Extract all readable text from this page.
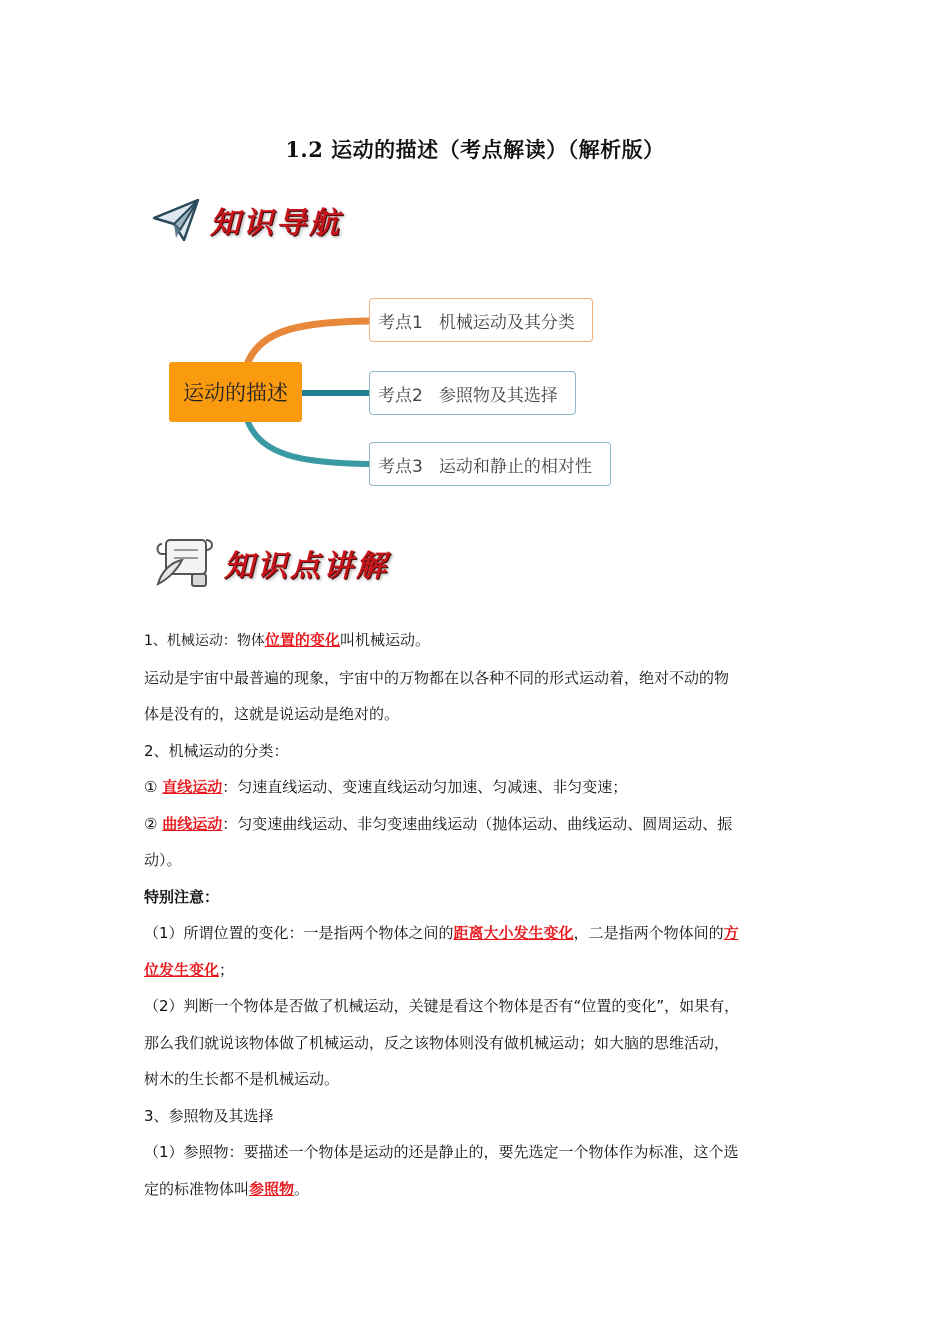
1.2 运动的描述（考点解读）（解析版）
知识导航
运动的描述
考点1 机械运动及其分类
考点2 参照物及其选择
考点3 运动和静止的相对性
知识点讲解

1、机械运动：物体位置的变化叫机械运动。

运动是宇宙中最普遍的现象，宇宙中的万物都在以各种不同的形式运动着，绝对不动的物

体是没有的，这就是说运动是绝对的。

2、机械运动的分类：

① 直线运动：匀速直线运动、变速直线运动匀加速、匀减速、非匀变速；

② 曲线运动：匀变速曲线运动、非匀变速曲线运动（抛体运动、曲线运动、圆周运动、振

动）。

特别注意：

（1）所谓位置的变化：一是指两个物体之间的距离大小发生变化，二是指两个物体间的方

位发生变化；

（2）判断一个物体是否做了机械运动，关键是看这个物体是否有“位置的变化”，如果有，

那么我们就说该物体做了机械运动，反之该物体则没有做机械运动；如大脑的思维活动，

树木的生长都不是机械运动。

3、参照物及其选择

（1）参照物：要描述一个物体是运动的还是静止的，要先选定一个物体作为标准，这个选

定的标准物体叫参照物。
